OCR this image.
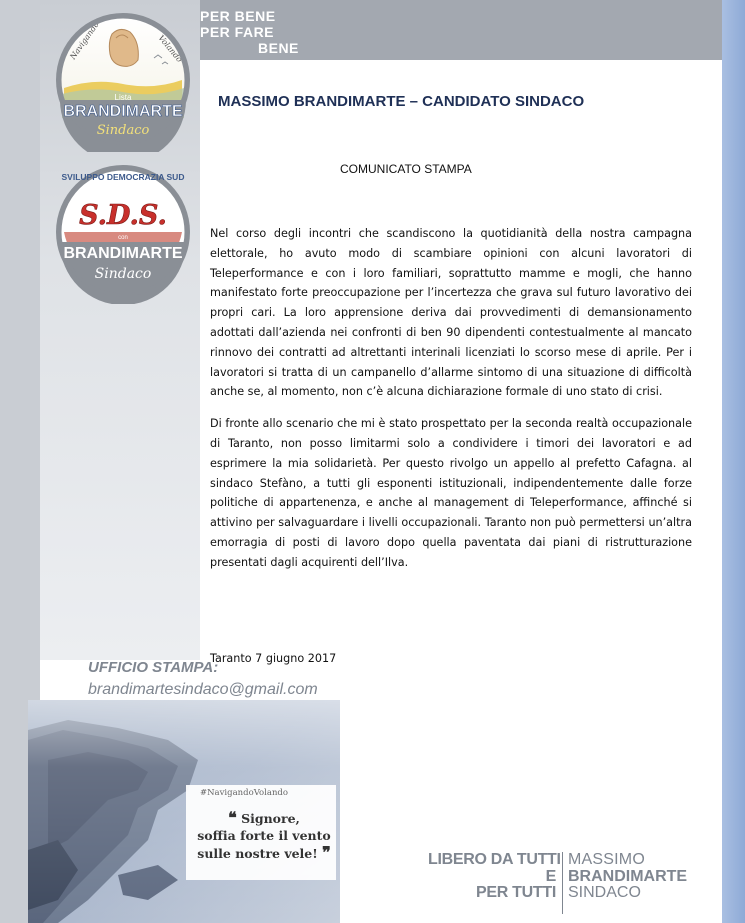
PER BENE
PER FARE
BENE
Navigando	Volando
Lista
BRANDIMARTE
Sindaco
SVILUPPO DEMOCRAZIA SUD
S.D.S.
con
BRANDIMARTE
Sindaco
MASSIMO BRANDIMARTE – CANDIDATO SINDACO
COMUNICATO STAMPA

Nel corso degli incontri che scandiscono la quotidianità della nostra campagna elettorale, ho avuto modo di scambiare opinioni con alcuni lavoratori di Teleperformance e con i loro familiari, soprattutto mamme e mogli, che hanno manifestato forte preoccupazione per l’incertezza che grava sul futuro lavorativo dei propri cari. La loro apprensione deriva dai provvedimenti di demansionamento adottati dall’azienda nei confronti di ben 90 dipendenti contestualmente al mancato rinnovo dei contratti ad altrettanti interinali licenziati lo scorso mese di aprile. Per i lavoratori si tratta di un campanello d’allarme sintomo di una situazione di difficoltà anche se, al momento, non c’è alcuna dichiarazione formale di uno stato di crisi.

Di fronte allo scenario che mi è stato prospettato per la seconda realtà occupazionale di Taranto, non posso limitarmi solo a condividere i timori dei lavoratori e ad esprimere la mia solidarietà. Per questo rivolgo un appello al prefetto Cafagna. al sindaco Stefàno, a tutti gli esponenti istituzionali, indipendentemente dalle forze politiche di appartenenza, e anche al management di Teleperformance, affinché si attivino per salvaguardare i livelli occupazionali. Taranto non può permettersi un’altra emorragia di posti di lavoro dopo quella paventata dai piani di ristrutturazione presentati dagli acquirenti dell’Ilva.

Taranto 7 giugno 2017
UFFICIO STAMPA:
brandimartesindaco@gmail.com
#NavigandoVolando
❝ Signore,
soffia forte il vento
sulle nostre vele! ❞	LIBERO DA TUTTI
E
PER TUTTI
MASSIMO
BRANDIMARTE
SINDACO
